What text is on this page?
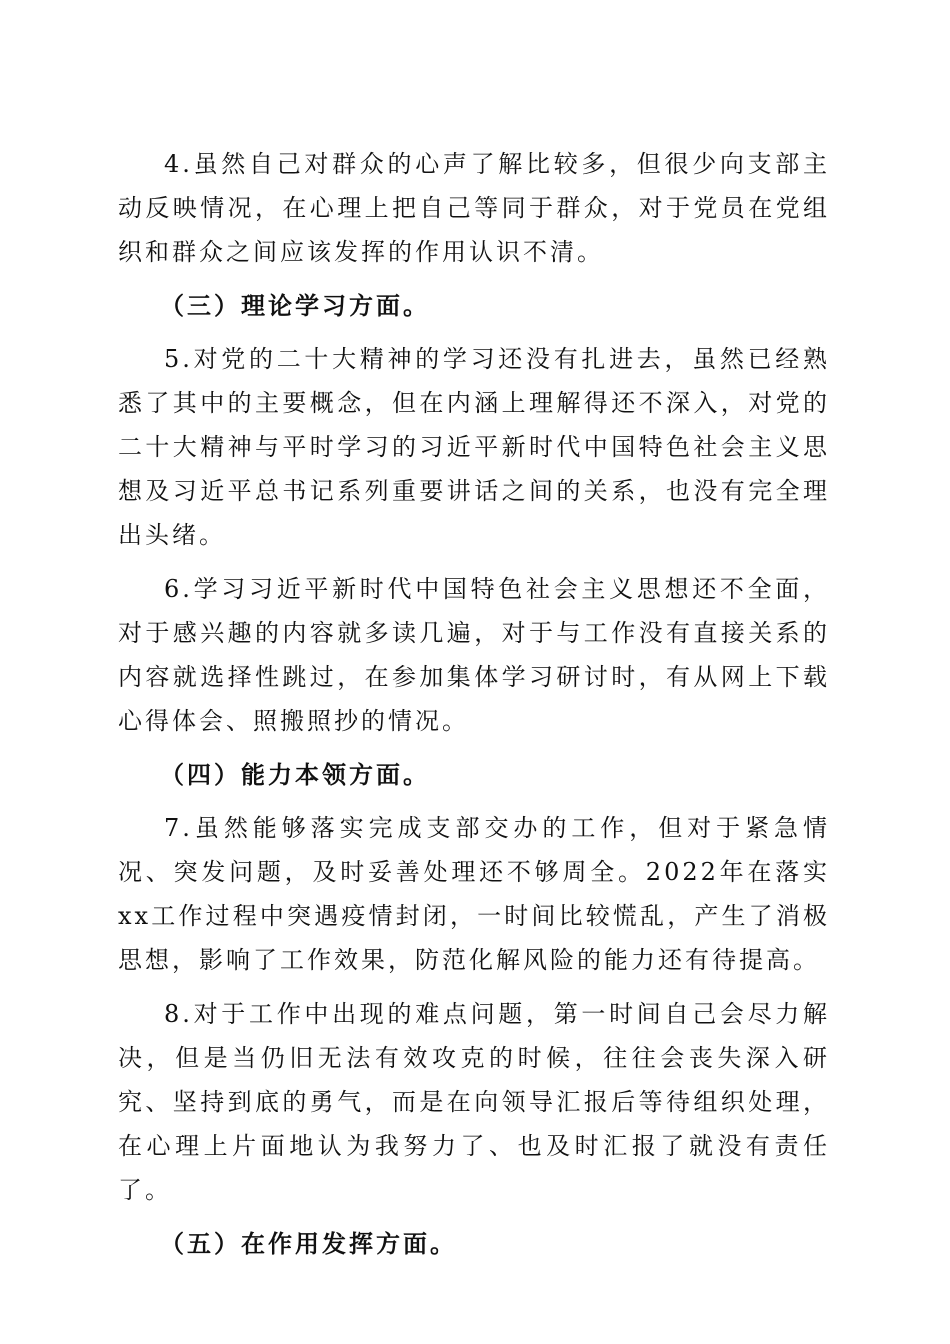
4.虽然自己对群众的心声了解比较多，但很少向支部主动反映情况，在心理上把自己等同于群众，对于党员在党组织和群众之间应该发挥的作用认识不清。

（三）理论学习方面。

5.对党的二十大精神的学习还没有扎进去，虽然已经熟悉了其中的主要概念，但在内涵上理解得还不深入，对党的二十大精神与平时学习的习近平新时代中国特色社会主义思想及习近平总书记系列重要讲话之间的关系，也没有完全理出头绪。

6.学习习近平新时代中国特色社会主义思想还不全面，对于感兴趣的内容就多读几遍，对于与工作没有直接关系的内容就选择性跳过，在参加集体学习研讨时，有从网上下载心得体会、照搬照抄的情况。

（四）能力本领方面。

7.虽然能够落实完成支部交办的工作，但对于紧急情况、突发问题，及时妥善处理还不够周全。2022年在落实xx工作过程中突遇疫情封闭，一时间比较慌乱，产生了消极思想，影响了工作效果，防范化解风险的能力还有待提高。

8.对于工作中出现的难点问题，第一时间自己会尽力解决，但是当仍旧无法有效攻克的时候，往往会丧失深入研究、坚持到底的勇气，而是在向领导汇报后等待组织处理，在心理上片面地认为我努力了、也及时汇报了就没有责任了。

（五）在作用发挥方面。
